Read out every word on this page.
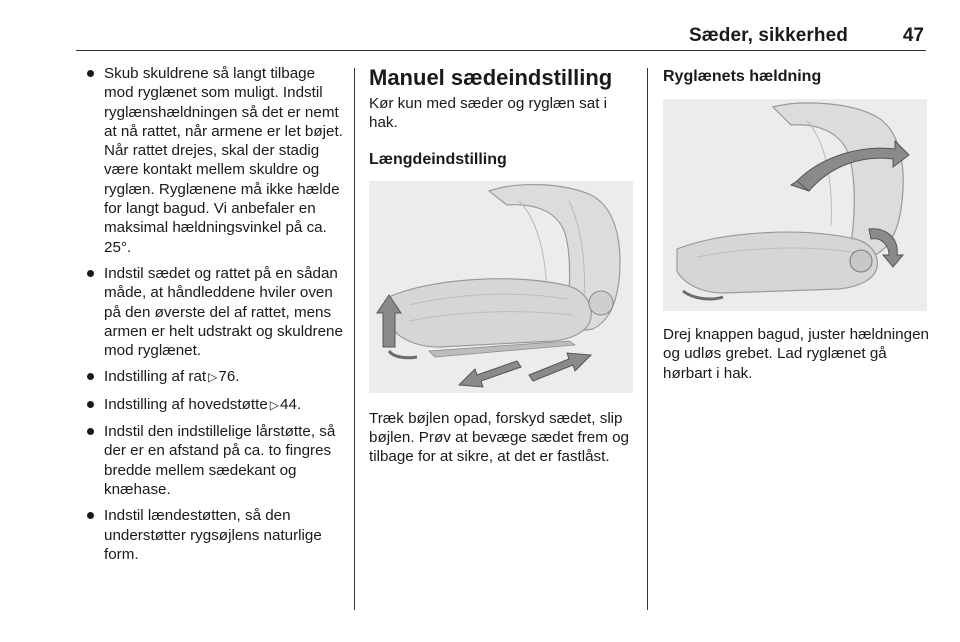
Sæder, sikkerhed	47
Skub skuldrene så langt tilbage mod ryglænet som muligt. Indstil ryglænshældningen så det er nemt at nå rattet, når armene er let bøjet. Når rattet drejes, skal der stadig være kontakt mellem skuldre og ryglæn. Ryglænene må ikke hælde for langt bagud. Vi anbefaler en maksimal hældningsvinkel på ca. 25°.
Indstil sædet og rattet på en sådan måde, at håndleddene hviler oven på den øverste del af rattet, mens armen er helt udstrakt og skuldrene mod ryglænet.
Indstilling af rat ▷76.
Indstilling af hovedstøtte ▷44.
Indstil den indstillelige lårstøtte, så der er en afstand på ca. to fingres bredde mellem sædekant og knæhase.
Indstil lændestøtten, så den understøtter rygsøjlens naturlige form.
Manuel sædeindstilling

Kør kun med sæder og ryglæn sat i hak.

Længdeindstilling

Træk bøjlen opad, forskyd sædet, slip bøjlen. Prøv at bevæge sædet frem og tilbage for at sikre, at det er fastlåst.

Ryglænets hældning

Drej knappen bagud, juster hældningen og udløs grebet. Lad ryglænet gå hørbart i hak.
